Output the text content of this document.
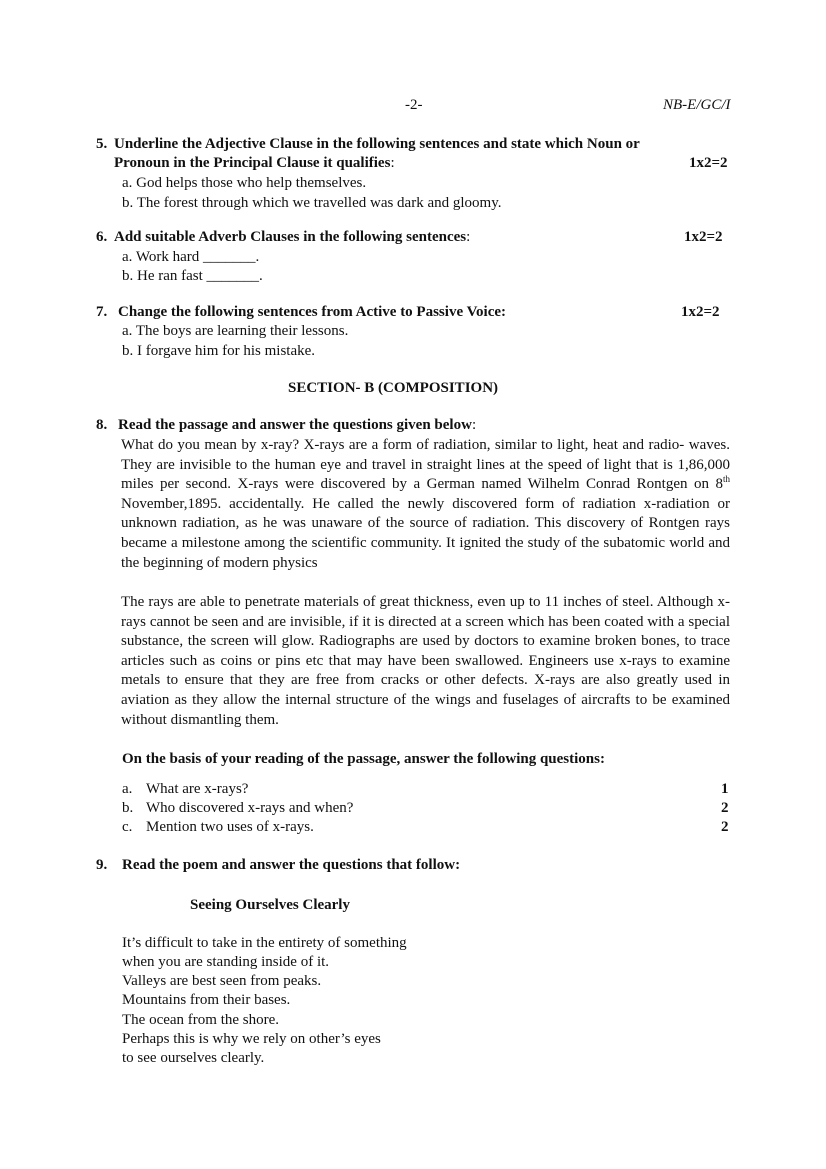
-2-	NB-E/GC/I
5. Underline the Adjective Clause in the following sentences and state which Noun or
Pronoun in the Principal Clause it qualifies:	1x2=2
a. God helps those who help themselves.
b. The forest through which we travelled was dark and gloomy.
6. Add suitable Adverb Clauses in the following sentences:	1x2=2
a. Work hard _______.
b. He ran fast _______.
7. Change the following sentences from Active to Passive Voice:	1x2=2
a. The boys are learning their lessons.
b. I forgave him for his mistake.
SECTION- B (COMPOSITION)
8. Read the passage and answer the questions given below:
What do you mean by x-ray? X-rays are a form of radiation, similar to light, heat and radio- waves. They are invisible to the human eye and travel in straight lines at the speed of light that is 1,86,000 miles per second. X-rays were discovered by a German named Wilhelm Conrad Rontgen on 8th November,1895. accidentally. He called the newly discovered form of radiation x-radiation or unknown radiation, as he was unaware of the source of radiation. This discovery of Rontgen rays became a milestone among the scientific community. It ignited the study of the subatomic world and the beginning of modern physics
The rays are able to penetrate materials of great thickness, even up to 11 inches of steel. Although x-rays cannot be seen and are invisible, if it is directed at a screen which has been coated with a special substance, the screen will glow. Radiographs are used by doctors to examine broken bones, to trace articles such as coins or pins etc that may have been swallowed. Engineers use x-rays to examine metals to ensure that they are free from cracks or other defects. X-rays are also greatly used in aviation as they allow the internal structure of the wings and fuselages of aircrafts to be examined without dismantling them.
On the basis of your reading of the passage, answer the following questions:
a. What are x-rays?	1
b. Who discovered x-rays and when?	2
c. Mention two uses of x-rays.	2
9. Read the poem and answer the questions that follow:
Seeing Ourselves Clearly
It’s difficult to take in the entirety of something
when you are standing inside of it.
Valleys are best seen from peaks.
Mountains from their bases.
The ocean from the shore.
Perhaps this is why we rely on other’s eyes
to see ourselves clearly.
